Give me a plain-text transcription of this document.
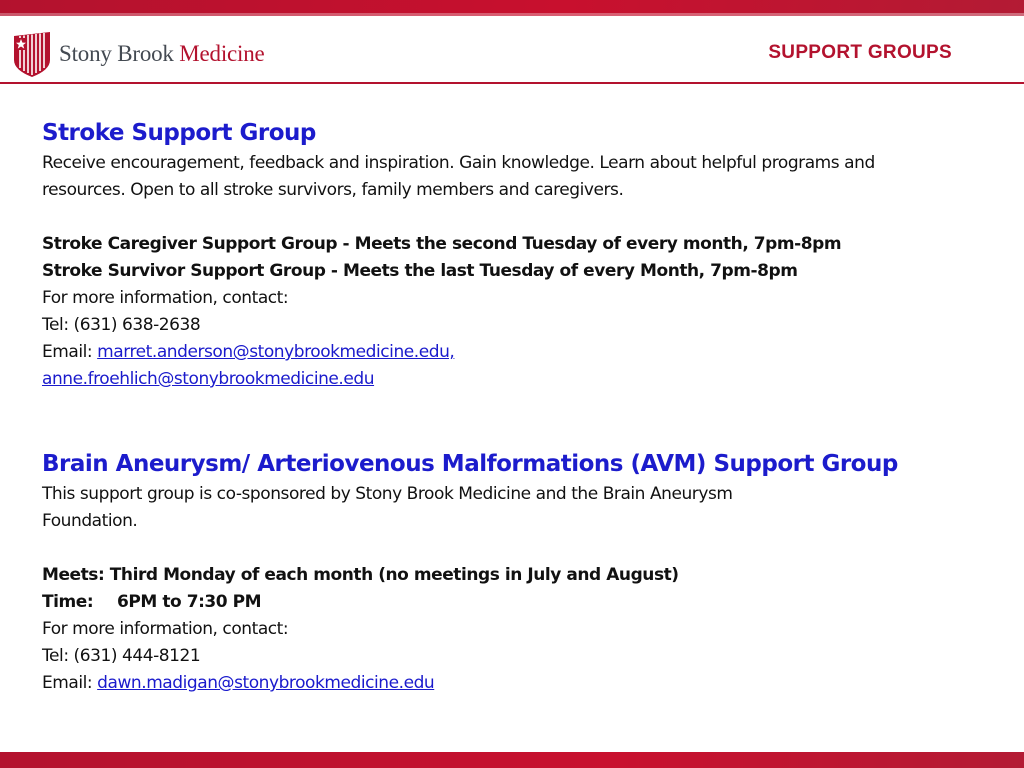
Stony Brook Medicine	SUPPORT GROUPS

Stroke Support Group

Receive encouragement, feedback and inspiration. Gain knowledge. Learn about helpful programs and

resources. Open to all stroke survivors, family members and caregivers.

Stroke Caregiver Support Group - Meets the second Tuesday of every month, 7pm-8pm

Stroke Survivor Support Group - Meets the last Tuesday of every Month, 7pm-8pm

For more information, contact:

Tel: (631) 638-2638

Email: marret.anderson@stonybrookmedicine.edu,

anne.froehlich@stonybrookmedicine.edu

Brain Aneurysm/ Arteriovenous Malformations (AVM) Support Group

This support group is co-sponsored by Stony Brook Medicine and the Brain Aneurysm

Foundation.

Meets: Third Monday of each month (no meetings in July and August)

Time: 6PM to 7:30 PM

For more information, contact:

Tel: (631) 444-8121

Email: dawn.madigan@stonybrookmedicine.edu
